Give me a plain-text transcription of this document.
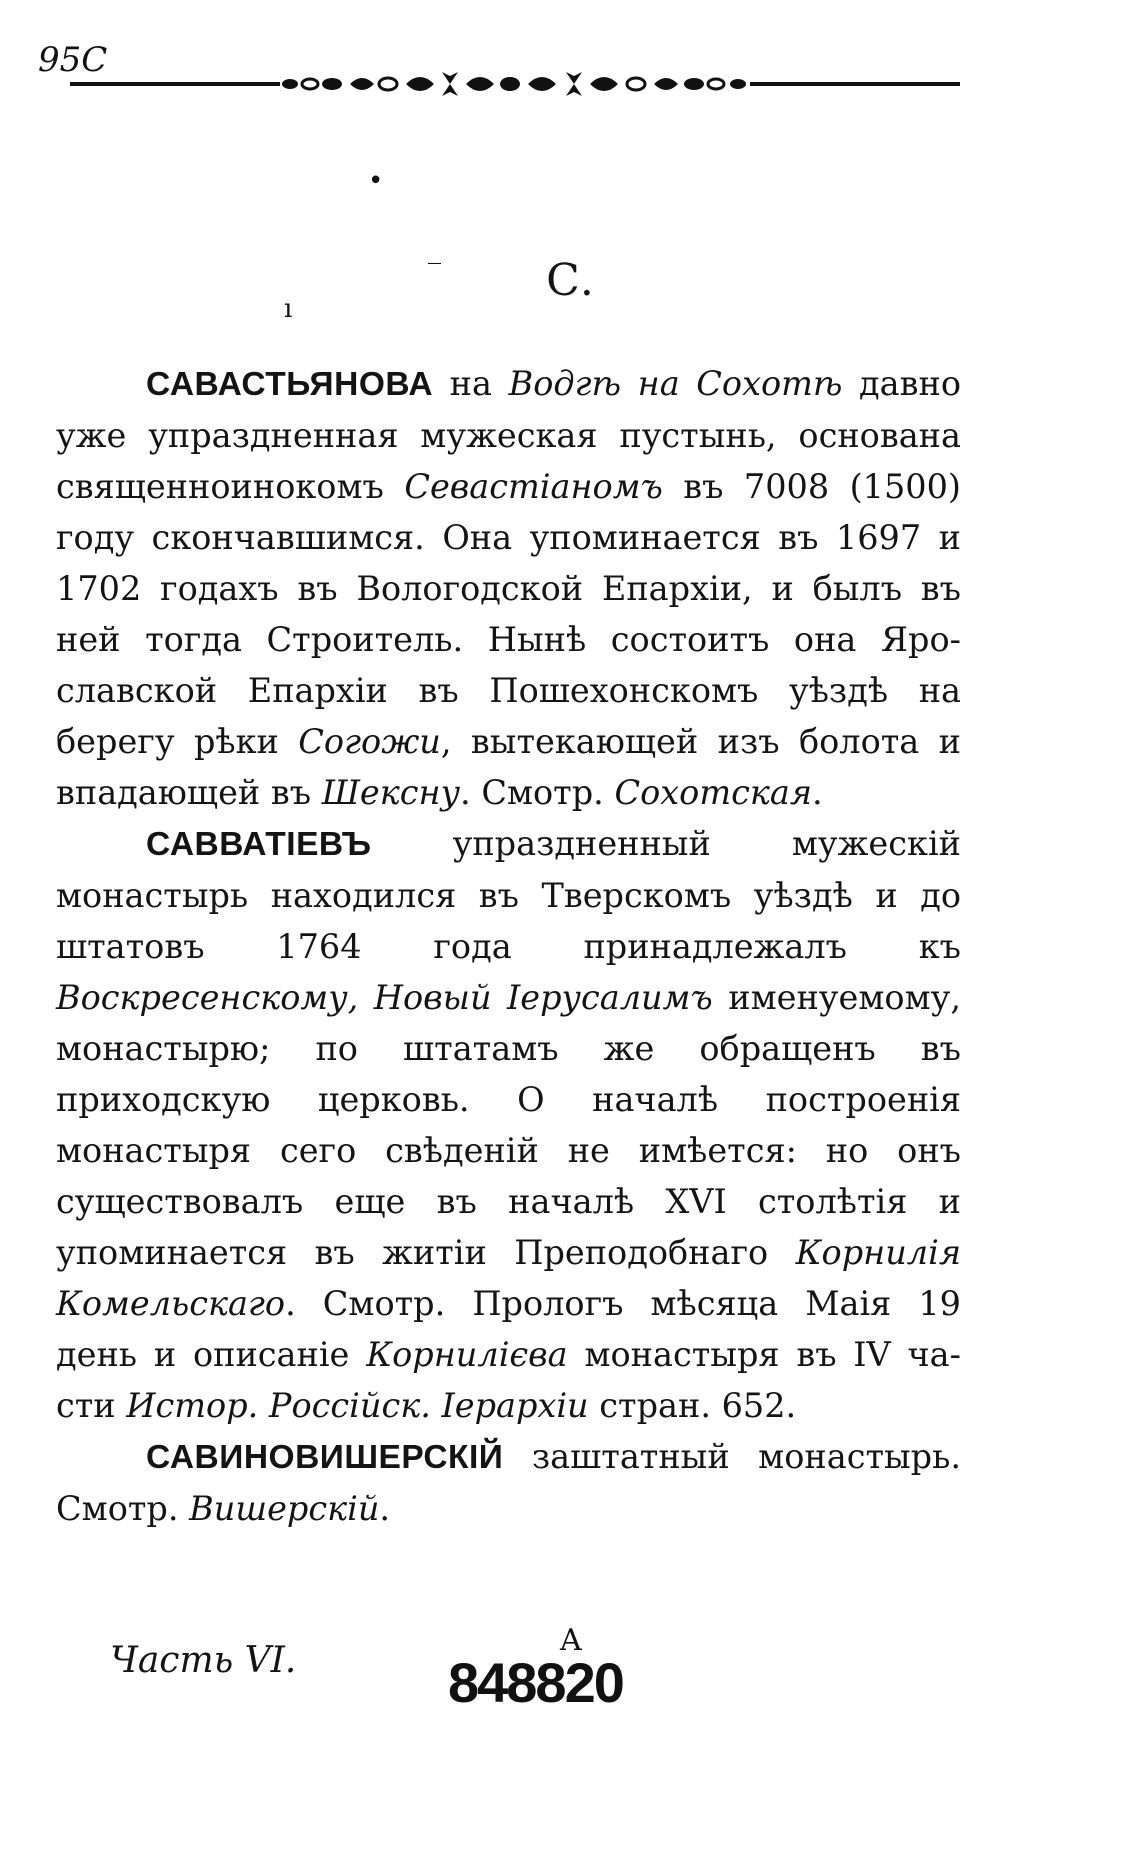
95C
•
ı
‾	С.

САВАСТЬЯНОВА на Водгѣ на Сохотѣ давно уже упраздненная мужеская пустынь, основана священноинокомъ Севастіаномъ въ 7008 (1500) году скончавшимся. Она упоминается въ 1697 и 1702 годахъ въ Вологодской Епархіи, и былъ въ ней тогда Строитель. Нынѣ состоитъ она Ярославской Епархіи въ Пошехонскомъ уѣздѣ на берегу рѣки Согожи, вытекающей изъ болота и впадающей въ Шексну. Смотр. Сохотская.

САВВАТІЕВЪ упраздненный мужескій монастырь находился въ Тверскомъ уѣздѣ и до штатовъ 1764 года принадлежалъ къ Воскресенскому, Новый Іерусалимъ именуемому, монастырю; по штатамъ же обращенъ въ приходскую церковь. О началѣ построенія монастыря сего свѣденій не имѣется: но онъ существовалъ еще въ началѣ XVI столѣтія и упоминается въ житіи Преподобнаго Корнилія Комельскаго. Смотр. Прологъ мѣсяца Маія 19 день и описаніе Корнилієва монастыря въ IV части Истор. Россійск. Іерархіи стран. 652.

САВИНОВИШЕРСКІЙ заштатный монастырь. Смотр. Вишерскій.

Часть VI.	A
848820
